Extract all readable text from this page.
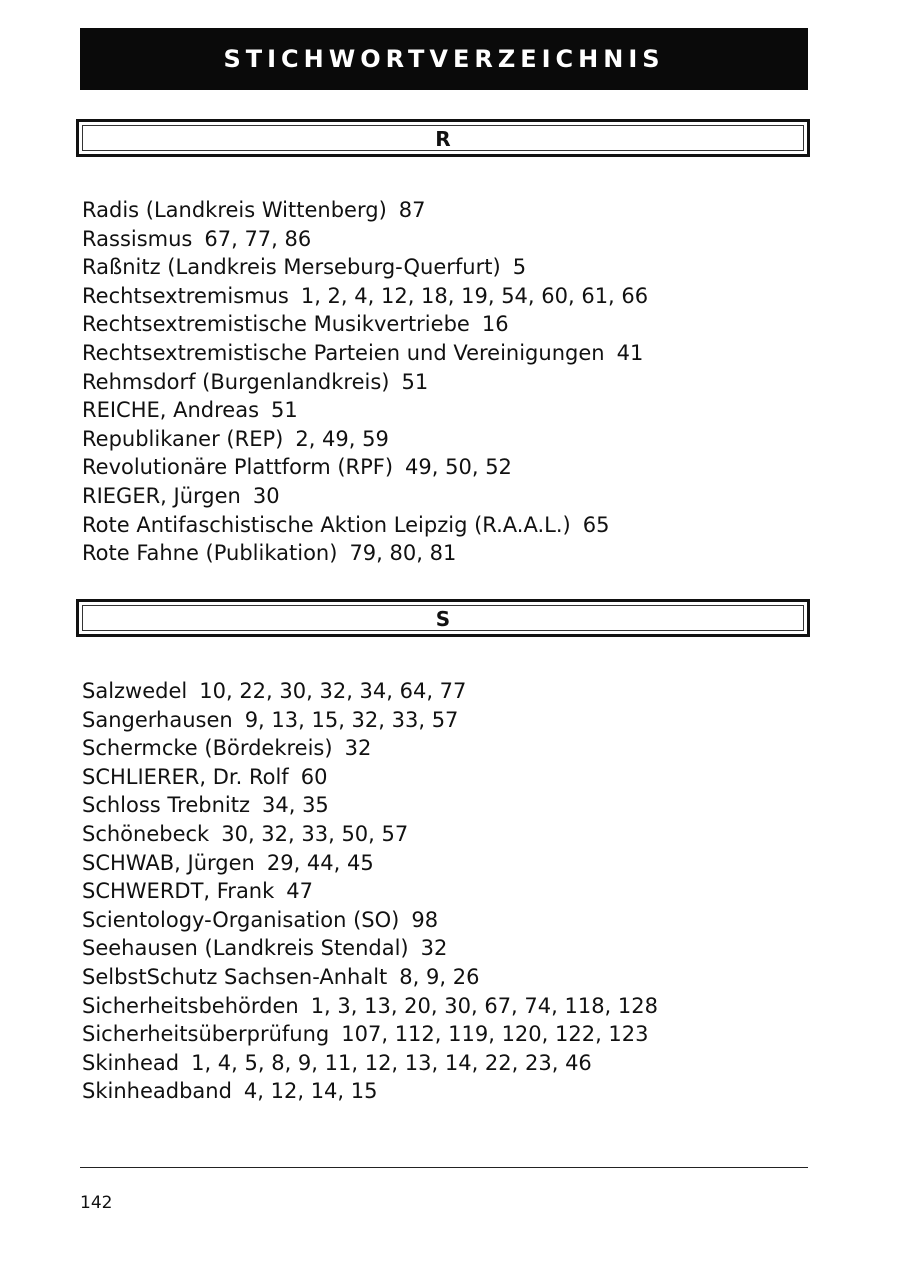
STICHWORTVERZEICHNIS
R
Radis (Landkreis Wittenberg) 87
Rassismus 67, 77, 86
Raßnitz (Landkreis Merseburg-Querfurt) 5
Rechtsextremismus 1, 2, 4, 12, 18, 19, 54, 60, 61, 66
Rechtsextremistische Musikvertriebe 16
Rechtsextremistische Parteien und Vereinigungen 41
Rehmsdorf (Burgenlandkreis) 51
REICHE, Andreas 51
Republikaner (REP) 2, 49, 59
Revolutionäre Plattform (RPF) 49, 50, 52
RIEGER, Jürgen 30
Rote Antifaschistische Aktion Leipzig (R.A.A.L.) 65
Rote Fahne (Publikation) 79, 80, 81
S
Salzwedel 10, 22, 30, 32, 34, 64, 77
Sangerhausen 9, 13, 15, 32, 33, 57
Schermcke (Bördekreis) 32
SCHLIERER, Dr. Rolf 60
Schloss Trebnitz 34, 35
Schönebeck 30, 32, 33, 50, 57
SCHWAB, Jürgen 29, 44, 45
SCHWERDT, Frank 47
Scientology-Organisation (SO) 98
Seehausen (Landkreis Stendal) 32
SelbstSchutz Sachsen-Anhalt 8, 9, 26
Sicherheitsbehörden 1, 3, 13, 20, 30, 67, 74, 118, 128
Sicherheitsüberprüfung 107, 112, 119, 120, 122, 123
Skinhead 1, 4, 5, 8, 9, 11, 12, 13, 14, 22, 23, 46
Skinheadband 4, 12, 14, 15
142
